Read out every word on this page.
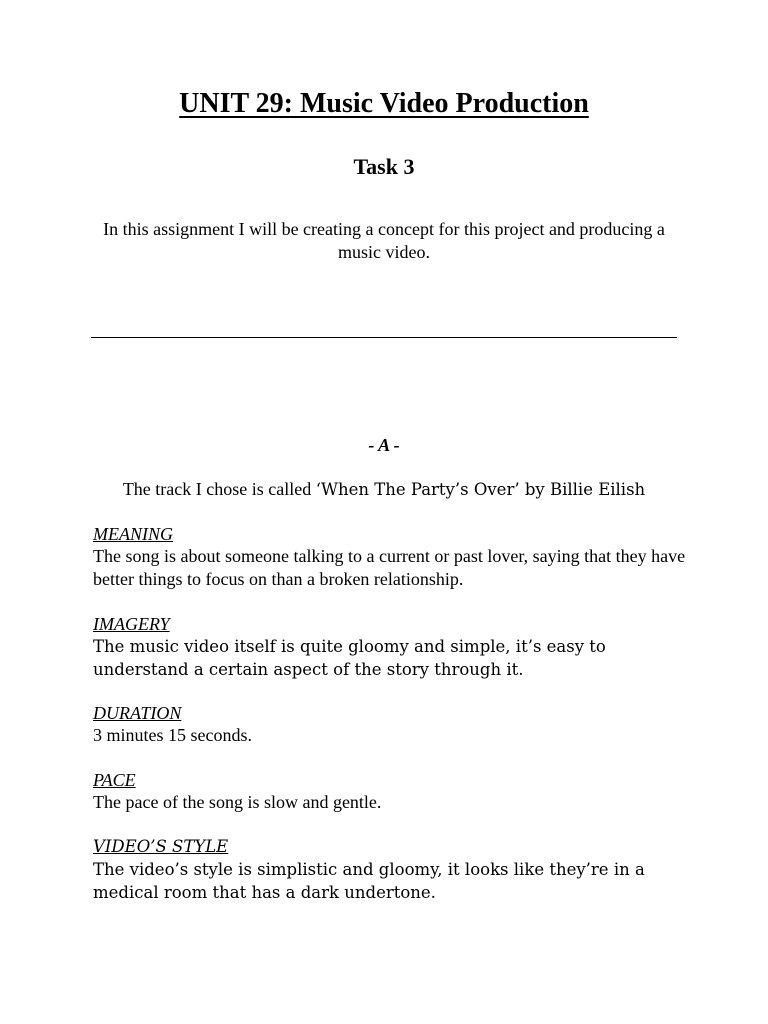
UNIT 29: Music Video Production
Task 3
In this assignment I will be creating a concept for this project and producing a music video.
- A -
The track I chose is called ‘When The Party’s Over’ by Billie Eilish
MEANING
The song is about someone talking to a current or past lover, saying that they have better things to focus on than a broken relationship.
IMAGERY
The music video itself is quite gloomy and simple, it’s easy to understand a certain aspect of the story through it.
DURATION
3 minutes 15 seconds.
PACE
The pace of the song is slow and gentle.
VIDEO’S STYLE
The video’s style is simplistic and gloomy, it looks like they’re in a medical room that has a dark undertone.
